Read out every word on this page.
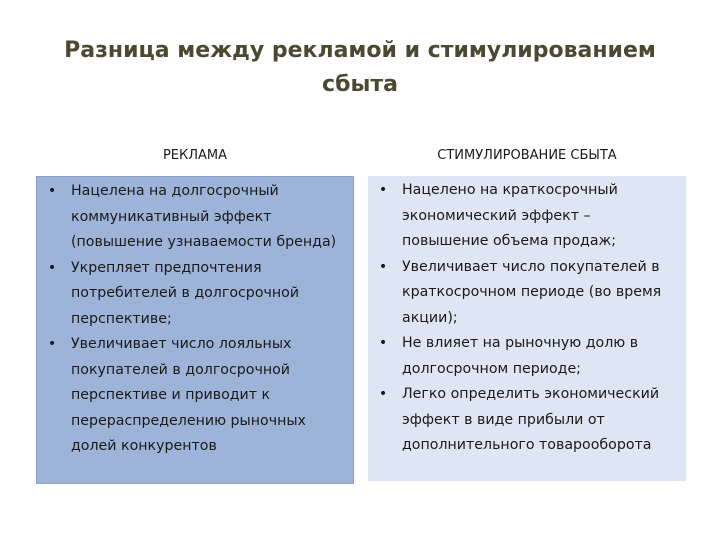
Разница между рекламой и стимулированием сбыта
РЕКЛАМА	СТИМУЛИРОВАНИЕ СБЫТА
• Нацелена на долгосрочный коммуникативный эффект (повышение узнаваемости бренда)
• Укрепляет предпочтения потребителей в долгосрочной перспективе;
• Увеличивает число лояльных покупателей в долгосрочной перспективе и приводит к перераспределению рыночных долей конкурентов
• Нацелено на краткосрочный экономический эффект – повышение объема продаж;
• Увеличивает число покупателей в краткосрочном периоде (во время акции);
• Не влияет на рыночную долю в долгосрочном периоде;
• Легко определить экономический эффект в виде прибыли от дополнительного товарооборота
